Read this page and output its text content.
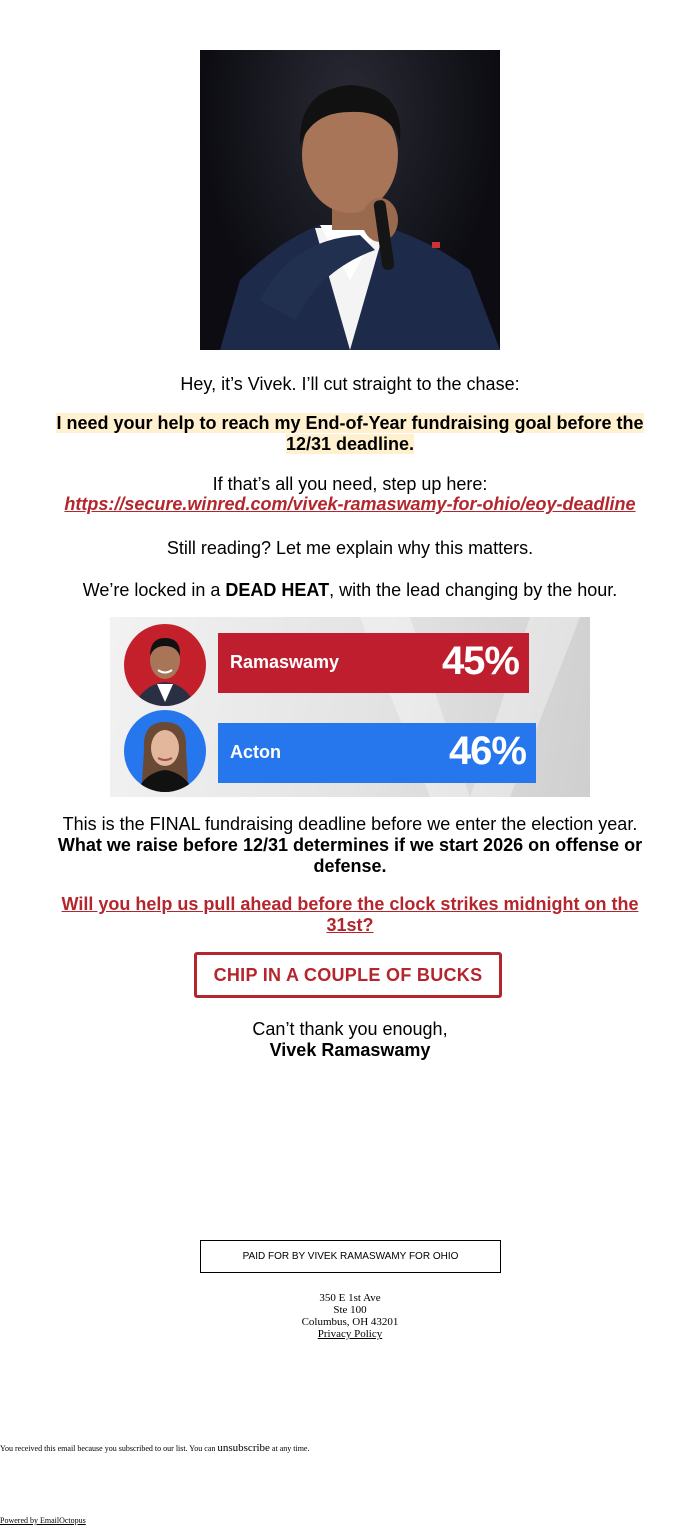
Hey, it’s Vivek. I’ll cut straight to the chase:
I need your help to reach my End-of-Year fundraising goal before the 12/31 deadline.
If that’s all you need, step up here:
https://secure.winred.com/vivek-ramaswamy-for-ohio/eoy-deadline
Still reading? Let me explain why this matters.
We’re locked in a DEAD HEAT, with the lead changing by the hour.
Ramaswamy	45%
Acton	46%
This is the FINAL fundraising deadline before we enter the election year. What we raise before 12/31 determines if we start 2026 on offense or defense.
Will you help us pull ahead before the clock strikes midnight on the 31st?
CHIP IN A COUPLE OF BUCKS
Can’t thank you enough,
Vivek Ramaswamy
PAID FOR BY VIVEK RAMASWAMY FOR OHIO
350 E 1st Ave
Ste 100
Columbus, OH 43201
Privacy Policy
You received this email because you subscribed to our list. You can unsubscribe at any time.
Powered by EmailOctopus
